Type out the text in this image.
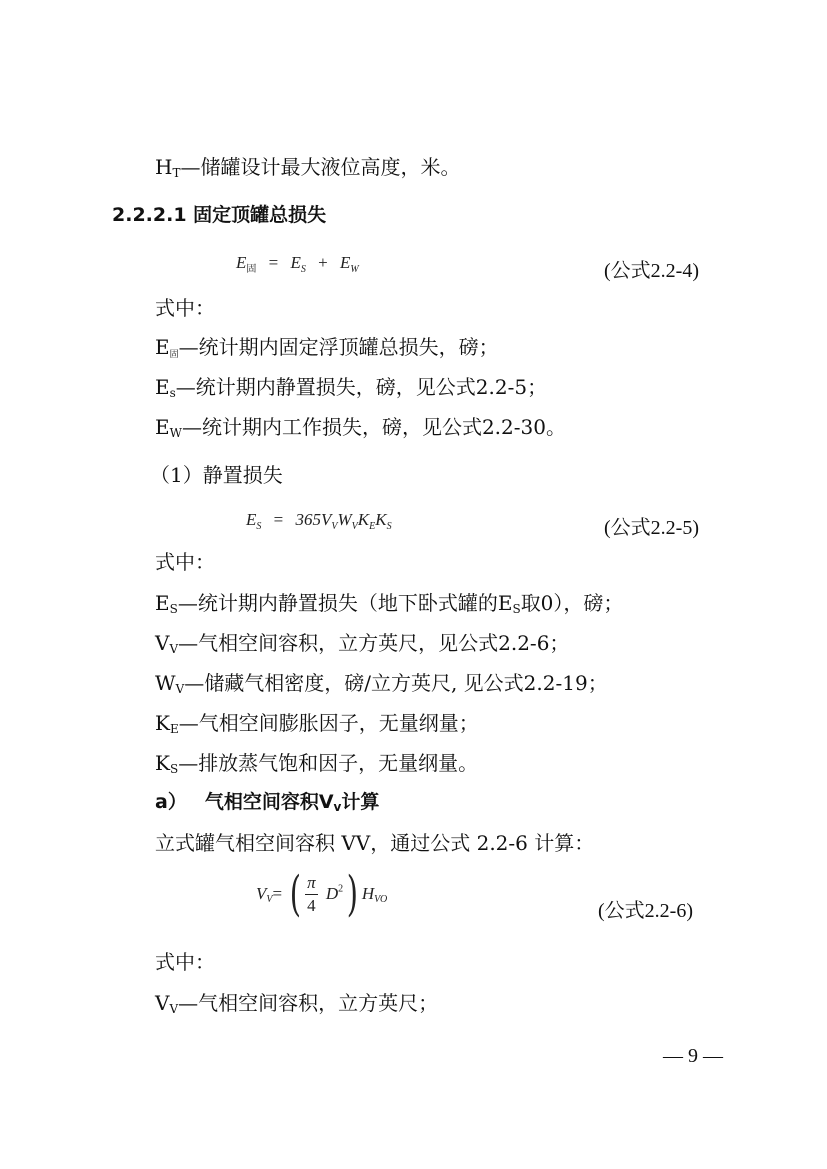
$H_T—$储罐设计最大液位高度，米。
2.2.2.1 固定顶罐总损失
$E_固 = E_S + E_W$	(公式2.2-4)
式中：
E固—统计期内固定浮顶罐总损失，磅；
$E_s—$统计期内静置损失，磅，见公式2.2-5；
$E_W—$统计期内工作损失，磅，见公式2.2-30。
（1）静置损失
$E_S = 365V_VW_VK_EK_S$	(公式2.2-5)
式中：
$E_S—$统计期内静置损失（地下卧式罐的$E_S$取0），磅；
$V_V—$气相空间容积，立方英尺，见公式2.2-6；
$W_V—$储藏气相密度，磅/立方英尺, 见公式2.2-19；
$K_E—$气相空间膨胀因子，无量纲量；
$K_S—$排放蒸气饱和因子，无量纲量。
a） 气相空间容积$V_v$计算
立式罐气相空间容积 VV，通过公式 2.2-6 计算：
$V_V=$ ( $\frac{\pi}{4} D^2$) $H_{VO}$
(公式2.2-6)
式中：
$V_V—$气相空间容积，立方英尺；
— 9 —
